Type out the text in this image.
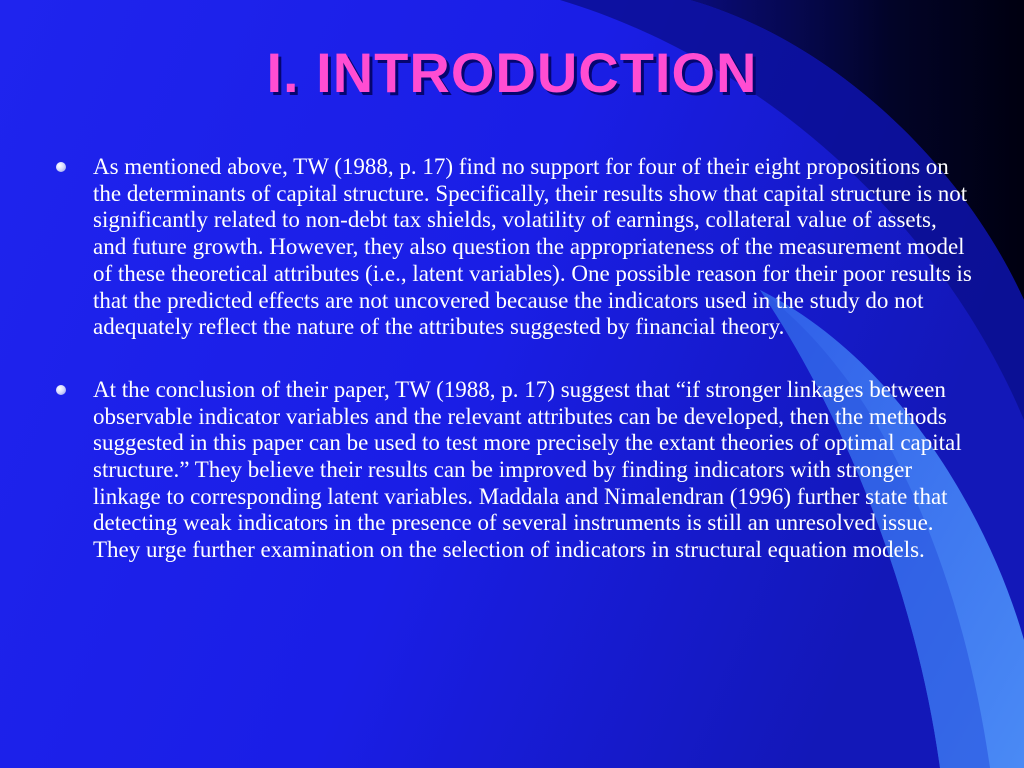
I. INTRODUCTION
As mentioned above, TW (1988, p. 17) find no support for four of their eight propositions on the determinants of capital structure. Specifically, their results show that capital structure is not significantly related to non-debt tax shields, volatility of earnings, collateral value of assets, and future growth. However, they also question the appropriateness of the measurement model of these theoretical attributes (i.e., latent variables). One possible reason for their poor results is that the predicted effects are not uncovered because the indicators used in the study do not adequately reflect the nature of the attributes suggested by financial theory.
At the conclusion of their paper, TW (1988, p. 17) suggest that “if stronger linkages between observable indicator variables and the relevant attributes can be developed, then the methods suggested in this paper can be used to test more precisely the extant theories of optimal capital structure.” They believe their results can be improved by finding indicators with stronger linkage to corresponding latent variables. Maddala and Nimalendran (1996) further state that detecting weak indicators in the presence of several instruments is still an unresolved issue. They urge further examination on the selection of indicators in structural equation models.
